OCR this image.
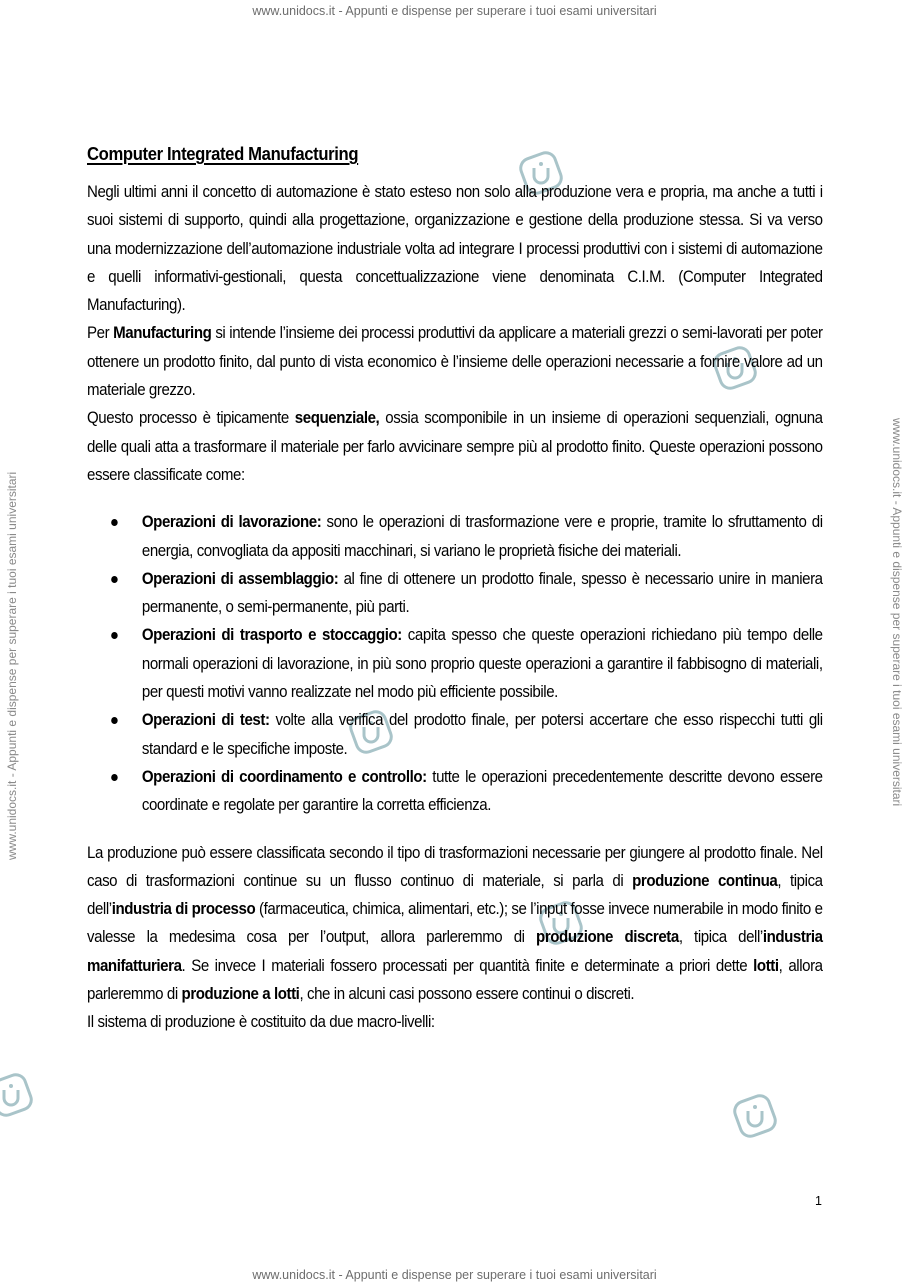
www.unidocs.it - Appunti e dispense per superare i tuoi esami universitari
www.unidocs.it - Appunti e dispense per superare i tuoi esami universitari
www.unidocs.it - Appunti e dispense per superare i tuoi esami universitari	www.unidocs.it - Appunti e dispense per superare i tuoi esami universitari
Computer Integrated Manufacturing

Negli ultimi anni il concetto di automazione è stato esteso non solo alla produzione vera e propria, ma anche a tutti i suoi sistemi di supporto, quindi alla progettazione, organizzazione e gestione della produzione stessa. Si va verso una modernizzazione dell’automazione industriale volta ad integrare I processi produttivi con i sistemi di automazione e quelli informativi-gestionali, questa concettualizzazione viene denominata C.I.M. (Computer Integrated Manufacturing).

Per Manufacturing si intende l’insieme dei processi produttivi da applicare a materiali grezzi o semi-lavorati per poter ottenere un prodotto finito, dal punto di vista economico è l’insieme delle operazioni necessarie a fornire valore ad un materiale grezzo.

Questo processo è tipicamente sequenziale, ossia scomponibile in un insieme di operazioni sequenziali, ognuna delle quali atta a trasformare il materiale per farlo avvicinare sempre più al prodotto finito. Queste operazioni possono essere classificate come:

Operazioni di lavorazione: sono le operazioni di trasformazione vere e proprie, tramite lo sfruttamento di energia, convogliata da appositi macchinari, si variano le proprietà fisiche dei materiali.
Operazioni di assemblaggio: al fine di ottenere un prodotto finale, spesso è necessario unire in maniera permanente, o semi-permanente, più parti.
Operazioni di trasporto e stoccaggio: capita spesso che queste operazioni richiedano più tempo delle normali operazioni di lavorazione, in più sono proprio queste operazioni a garantire il fabbisogno di materiali, per questi motivi vanno realizzate nel modo più efficiente possibile.
Operazioni di test: volte alla verifica del prodotto finale, per potersi accertare che esso rispecchi tutti gli standard e le specifiche imposte.
Operazioni di coordinamento e controllo: tutte le operazioni precedentemente descritte devono essere coordinate e regolate per garantire la corretta efficienza.

La produzione può essere classificata secondo il tipo di trasformazioni necessarie per giungere al prodotto finale. Nel caso di trasformazioni continue su un flusso continuo di materiale, si parla di produzione continua, tipica dell’industria di processo (farmaceutica, chimica, alimentari, etc.); se l’input fosse invece numerabile in modo finito e valesse la medesima cosa per l’output, allora parleremmo di produzione discreta, tipica dell’industria manifatturiera. Se invece I materiali fossero processati per quantità finite e determinate a priori dette lotti, allora parleremmo di produzione a lotti, che in alcuni casi possono essere continui o discreti.

Il sistema di produzione è costituito da due macro-livelli:

1
